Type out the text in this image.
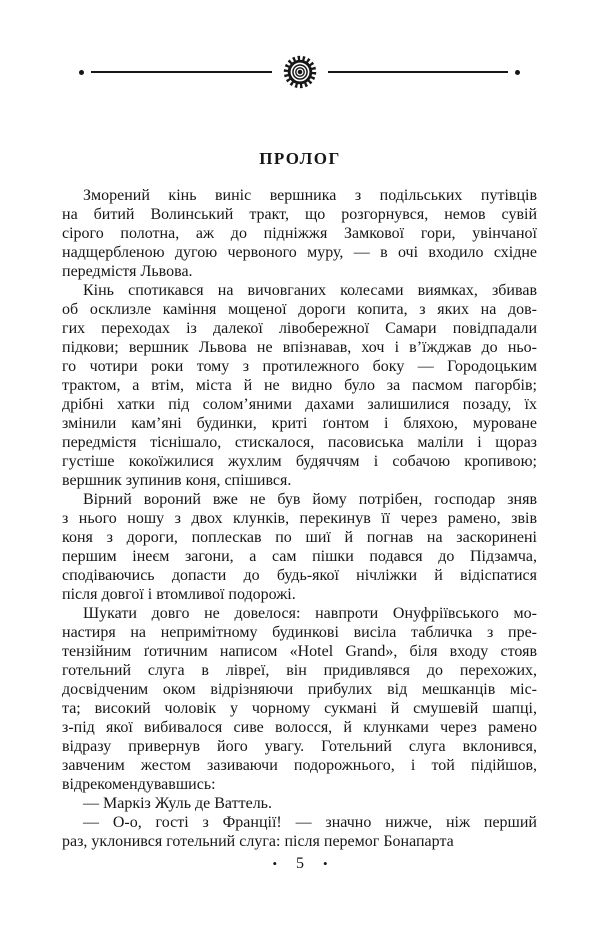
ПРОЛОГ
Зморений кінь виніс вершника з подільських путівців
на битий Волинський тракт, що розгорнувся, немов сувій
сірого полотна, аж до підніжжя Замкової гори, увінчаної
надщербленою дугою червоного муру, — в очі входило східне
передмістя Львова.
Кінь спотикався на вичовганих колесами виямках, збивав
об осклизле каміння мощеної дороги копита, з яких на дов-
гих переходах із далекої лівобережної Самари повідпадали
підкови; вершник Львова не впізнавав, хоч і в’їжджав до ньо-
го чотири роки тому з протилежного боку — Городоцьким
трактом, а втім, міста й не видно було за пасмом пагорбів;
дрібні хатки під солом’яними дахами залишилися позаду, їх
змінили кам’яні будинки, криті ґонтом і бляхою, муроване
передмістя тіснішало, стискалося, пасовиська маліли і щораз
густіше кокоїжилися жухлим будяччям і собачою кропивою;
вершник зупинив коня, спішився.
Вірний вороний вже не був йому потрібен, господар зняв
з нього ношу з двох клунків, перекинув її через рамено, звів
коня з дороги, поплескав по шиї й погнав на заскоринені
першим інеєм загони, а сам пішки подався до Підзамча,
сподіваючись допасти до будь-якої нічліжки й відіспатися
після довгої і втомливої подорожі.
Шукати довго не довелося: навпроти Онуфріївського мо-
настиря на непримітному будинкові висіла табличка з пре-
тензійним ґотичним написом «Hotel Grand», біля входу стояв
готельний слуга в лівреї, він придивлявся до перехожих,
досвідченим оком відрізняючи прибулих від мешканців міс-
та; високий чоловік у чорному сукмані й смушевій шапці,
з-під якої вибивалося сиве волосся, й клунками через рамено
відразу привернув його увагу. Готельний слуга вклонився,
завченим жестом зазиваючи подорожнього, і той підійшов,
відрекомендувавшись:
— Маркіз Жуль де Ваттель.
— О-о, гості з Франції! — значно нижче, ніж перший
раз, уклонився готельний слуга: після перемог Бонапарта
• 5 •
